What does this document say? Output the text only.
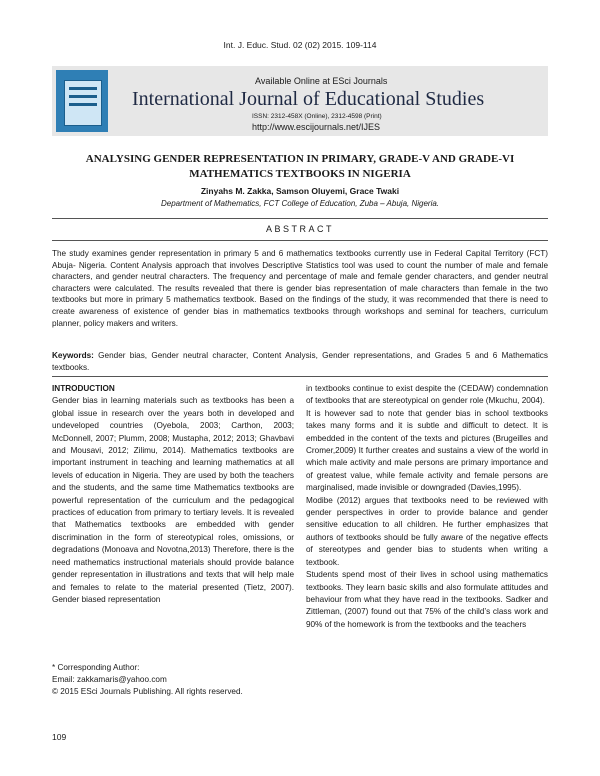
Int. J. Educ. Stud. 02 (02) 2015. 109-114
Available Online at ESci Journals
International Journal of Educational Studies
ISSN: 2312-458X (Online), 2312-4598 (Print)
http://www.escijournals.net/IJES
ANALYSING GENDER REPRESENTATION IN PRIMARY, GRADE-V AND GRADE-VI
MATHEMATICS TEXTBOOKS IN NIGERIA
Zinyahs M. Zakka, Samson Oluyemi, Grace Twaki
Department of Mathematics, FCT College of Education, Zuba – Abuja, Nigeria.
ABSTRACT
The study examines gender representation in primary 5 and 6 mathematics textbooks currently use in Federal Capital Territory (FCT) Abuja- Nigeria. Content Analysis approach that involves Descriptive Statistics tool was used to count the number of male and female characters, and gender neutral characters. The frequency and percentage of male and female gender characters, and gender neutral characters were calculated. The results revealed that there is gender bias representation of male characters than female in the two textbooks but more in primary 5 mathematics textbook. Based on the findings of the study, it was recommended that there is need to create awareness of existence of gender bias in mathematics textbooks through workshops and seminal for teachers, curriculum planner, policy makers and writers.
Keywords: Gender bias, Gender neutral character, Content Analysis, Gender representations, and Grades 5 and 6 Mathematics textbooks.

INTRODUCTION

Gender bias in learning materials such as textbooks has been a global issue in research over the years both in developed and undeveloped countries (Oyebola, 2003; Carthon, 2003; McDonnell, 2007; Plumm, 2008; Mustapha, 2012; 2013; Ghavbavi and Mousavi, 2012; Zilimu, 2014). Mathematics textbooks are important instrument in teaching and learning mathematics at all levels of education in Nigeria. They are used by both the teachers and the students, and the same time Mathematics textbooks are powerful representation of the curriculum and the pedagogical practices of education from primary to tertiary levels. It is revealed that Mathematics textbooks are embedded with gender discrimination in the form of stereotypical roles, omissions, or degradations (Monoava and Novotna,2013) Therefore, there is the need mathematics instructional materials should provide balance gender representation in illustrations and texts that will help male and females to relate to the material presented (Tietz, 2007). Gender biased representation

in textbooks continue to exist despite the (CEDAW) condemnation of textbooks that are stereotypical on gender role (Mkuchu, 2004).

It is however sad to note that gender bias in school textbooks takes many forms and it is subtle and difficult to detect. It is embedded in the content of the texts and pictures (Brugeilles and Cromer,2009) It further creates and sustains a view of the world in which male activity and male persons are primary importance and of greatest value, while female activity and female persons are marginalised, made invisible or downgraded (Davies,1995).

Modibe (2012) argues that textbooks need to be reviewed with gender perspectives in order to provide balance and gender sensitive education to all children. He further emphasizes that authors of textbooks should be fully aware of the negative effects of stereotypes and gender bias to students when writing a textbook.

Students spend most of their lives in school using mathematics textbooks. They learn basic skills and also formulate attitudes and behaviour from what they have read in the textbooks. Sadker and Zittleman, (2007) found out that 75% of the child’s class work and 90% of the homework is from the textbooks and the teachers

* Corresponding Author:
Email: zakkamaris@yahoo.com
© 2015 ESci Journals Publishing. All rights reserved.
109
